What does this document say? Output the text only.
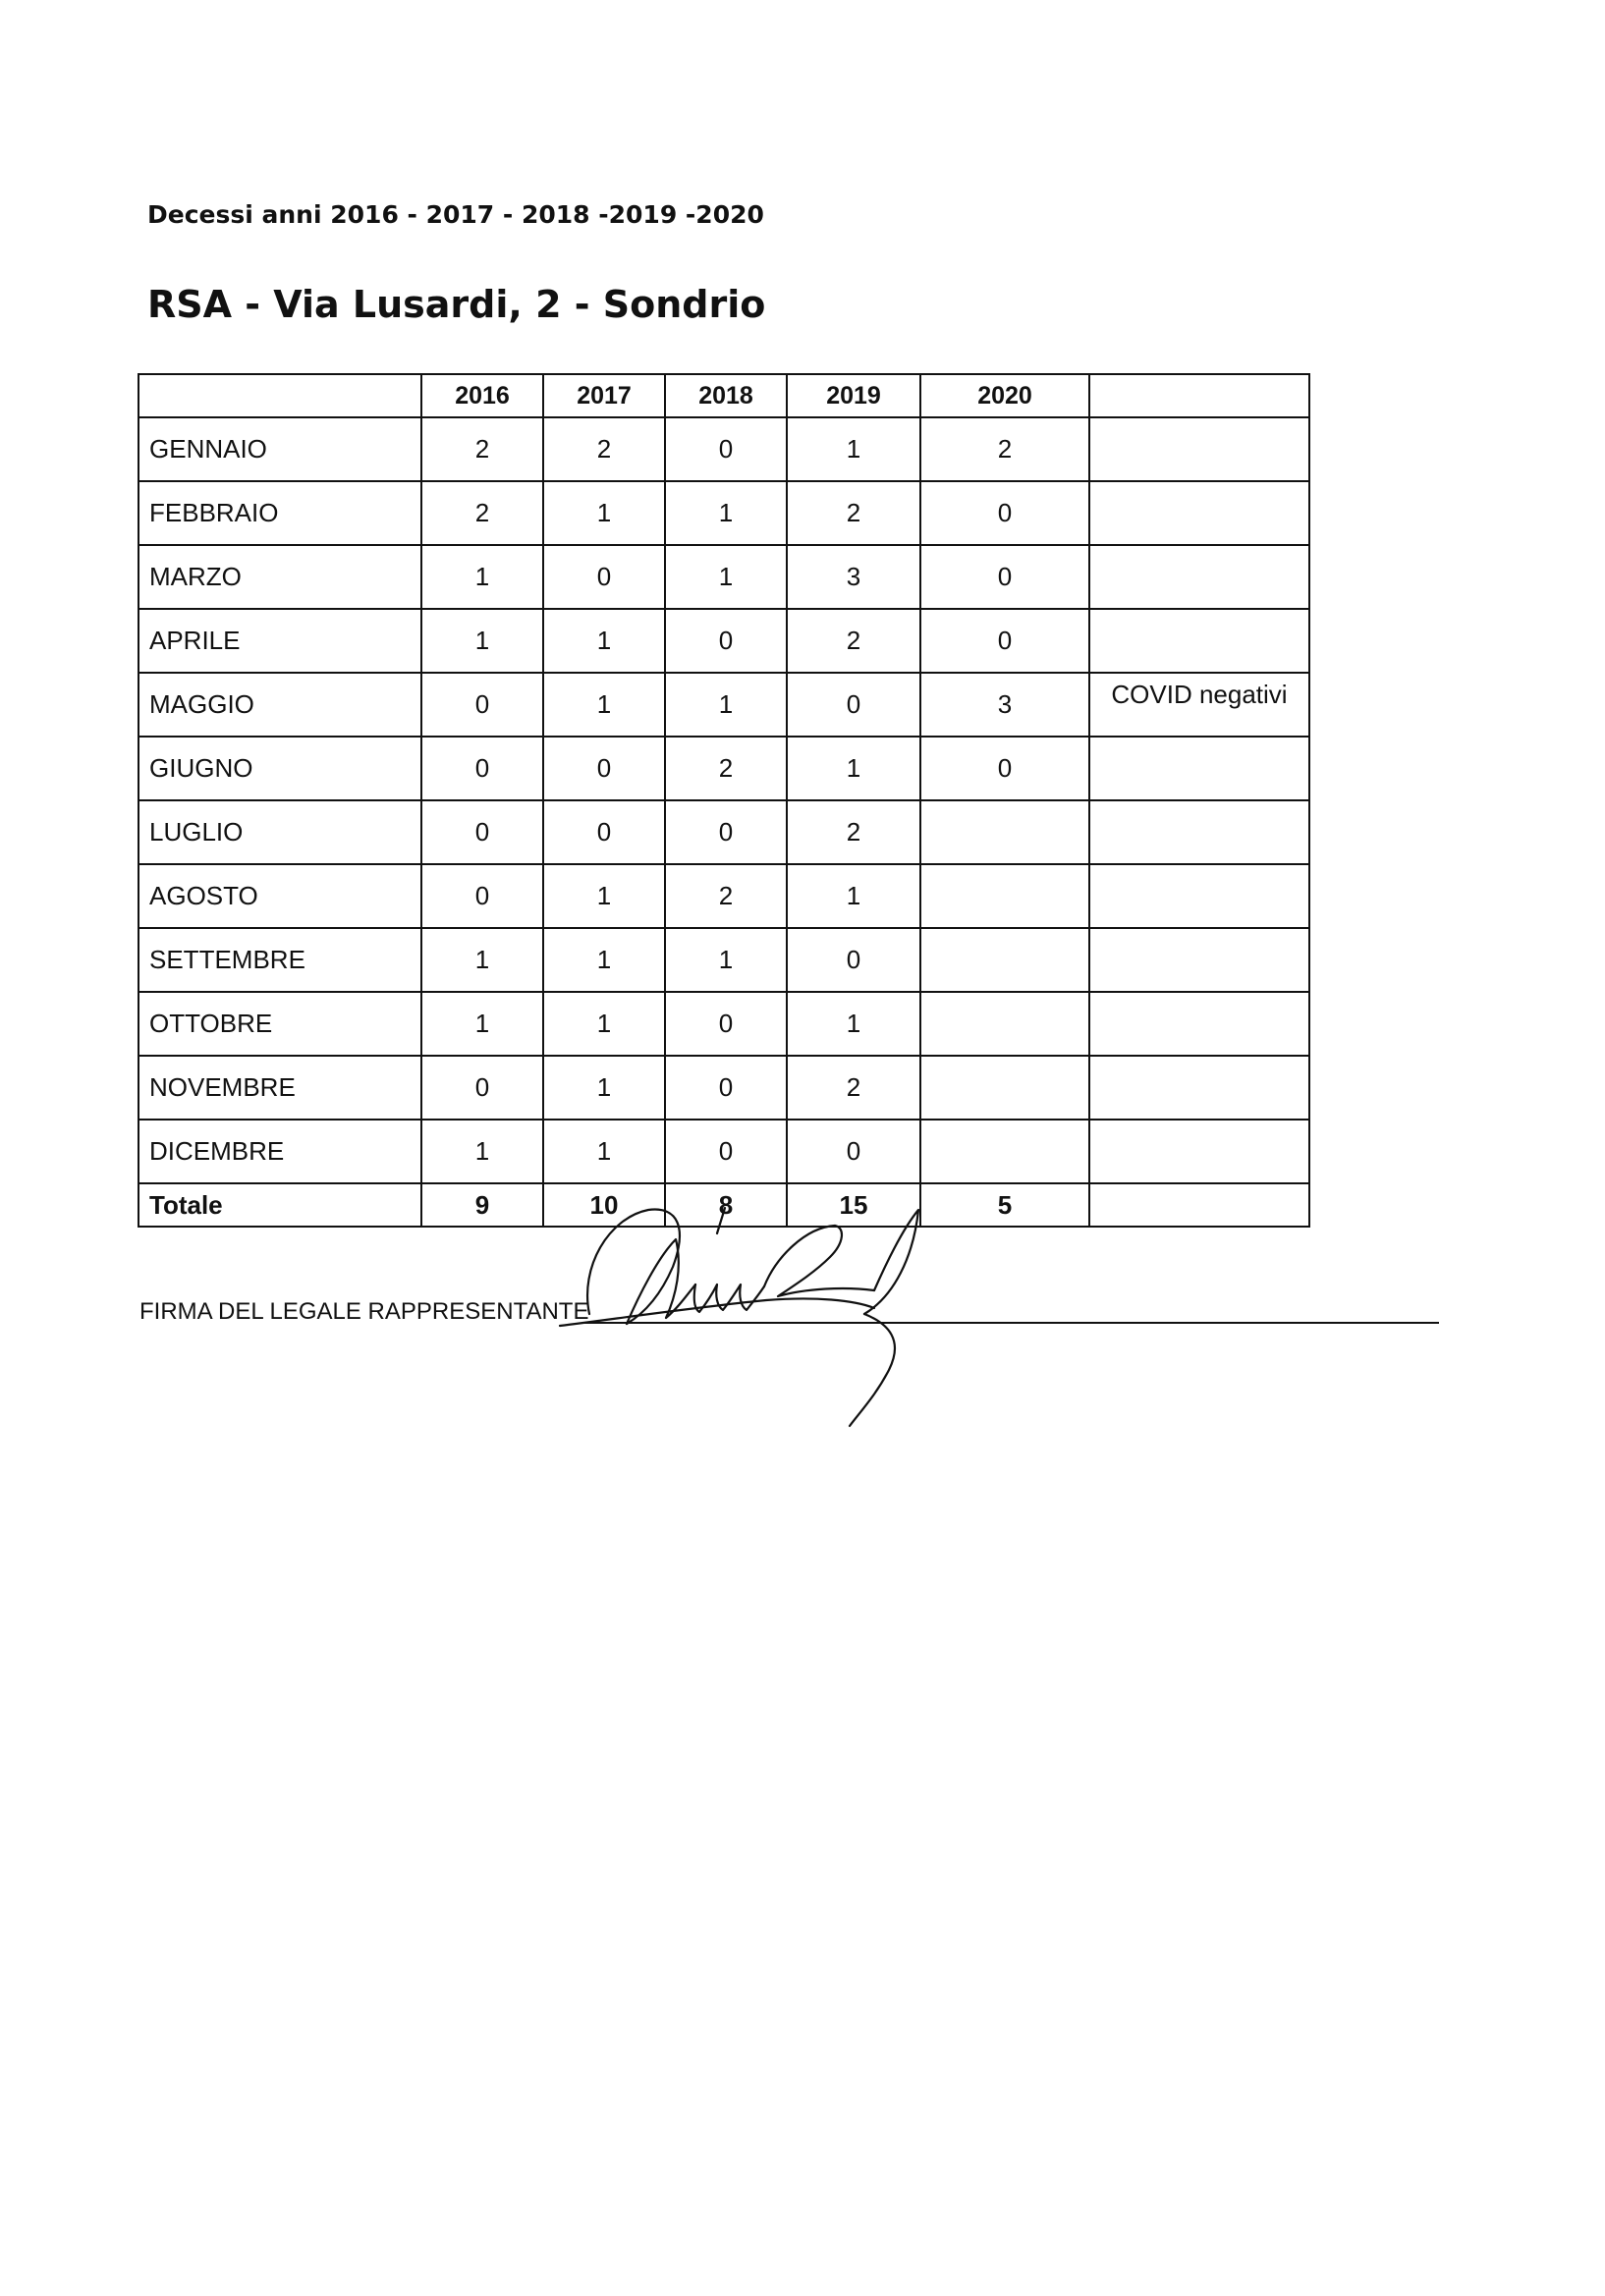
Decessi anni 2016 - 2017 - 2018 -2019 -2020
RSA - Via Lusardi, 2 - Sondrio
	2016	2017	2018	2019	2020	
GENNAIO	2	2	0	1	2	
FEBBRAIO	2	1	1	2	0	
MARZO	1	0	1	3	0	
APRILE	1	1	0	2	0	
MAGGIO	0	1	1	0	3	COVID negativi
GIUGNO	0	0	2	1	0	
LUGLIO	0	0	0	2		
AGOSTO	0	1	2	1		
SETTEMBRE	1	1	1	0		
OTTOBRE	1	1	0	1		
NOVEMBRE	0	1	0	2		
DICEMBRE	1	1	0	0		
Totale	9	10	8	15	5	
FIRMA DEL LEGALE RAPPRESENTANTE
